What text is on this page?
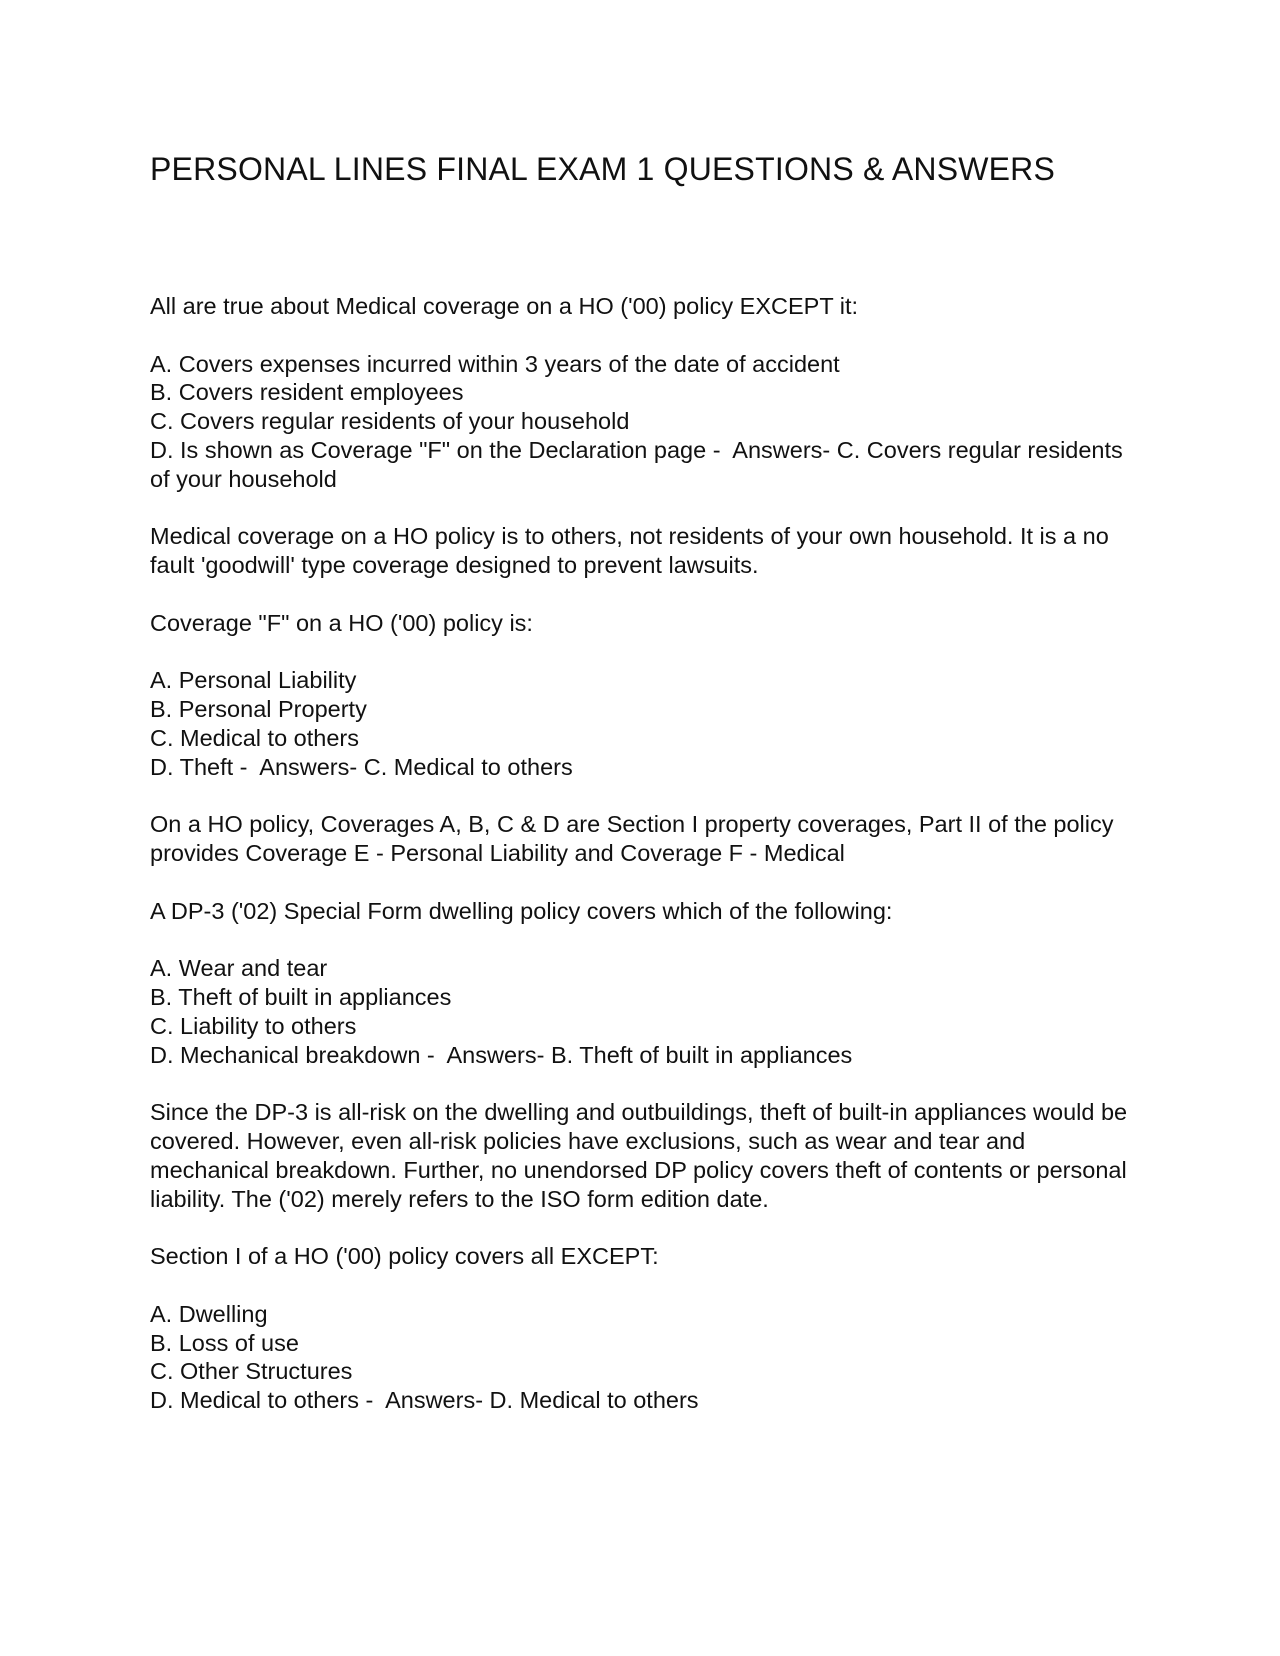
PERSONAL LINES FINAL EXAM 1 QUESTIONS & ANSWERS
All are true about Medical coverage on a HO ('00) policy EXCEPT it:
A. Covers expenses incurred within 3 years of the date of accident
B. Covers resident employees
C. Covers regular residents of your household
D. Is shown as Coverage "F" on the Declaration page -  Answers- C. Covers regular residents of your household
Medical coverage on a HO policy is to others, not residents of your own household. It is a no fault 'goodwill' type coverage designed to prevent lawsuits.
Coverage "F" on a HO ('00) policy is:
A. Personal Liability
B. Personal Property
C. Medical to others
D. Theft -  Answers- C. Medical to others
On a HO policy, Coverages A, B, C & D are Section I property coverages, Part II of the policy provides Coverage E - Personal Liability and Coverage F - Medical
A DP-3 ('02) Special Form dwelling policy covers which of the following:
A. Wear and tear
B. Theft of built in appliances
C. Liability to others
D. Mechanical breakdown -  Answers- B. Theft of built in appliances
Since the DP-3 is all-risk on the dwelling and outbuildings, theft of built-in appliances would be covered. However, even all-risk policies have exclusions, such as wear and tear and mechanical breakdown. Further, no unendorsed DP policy covers theft of contents or personal liability. The ('02) merely refers to the ISO form edition date.
Section I of a HO ('00) policy covers all EXCEPT:
A. Dwelling
B. Loss of use
C. Other Structures
D. Medical to others -  Answers- D. Medical to others
